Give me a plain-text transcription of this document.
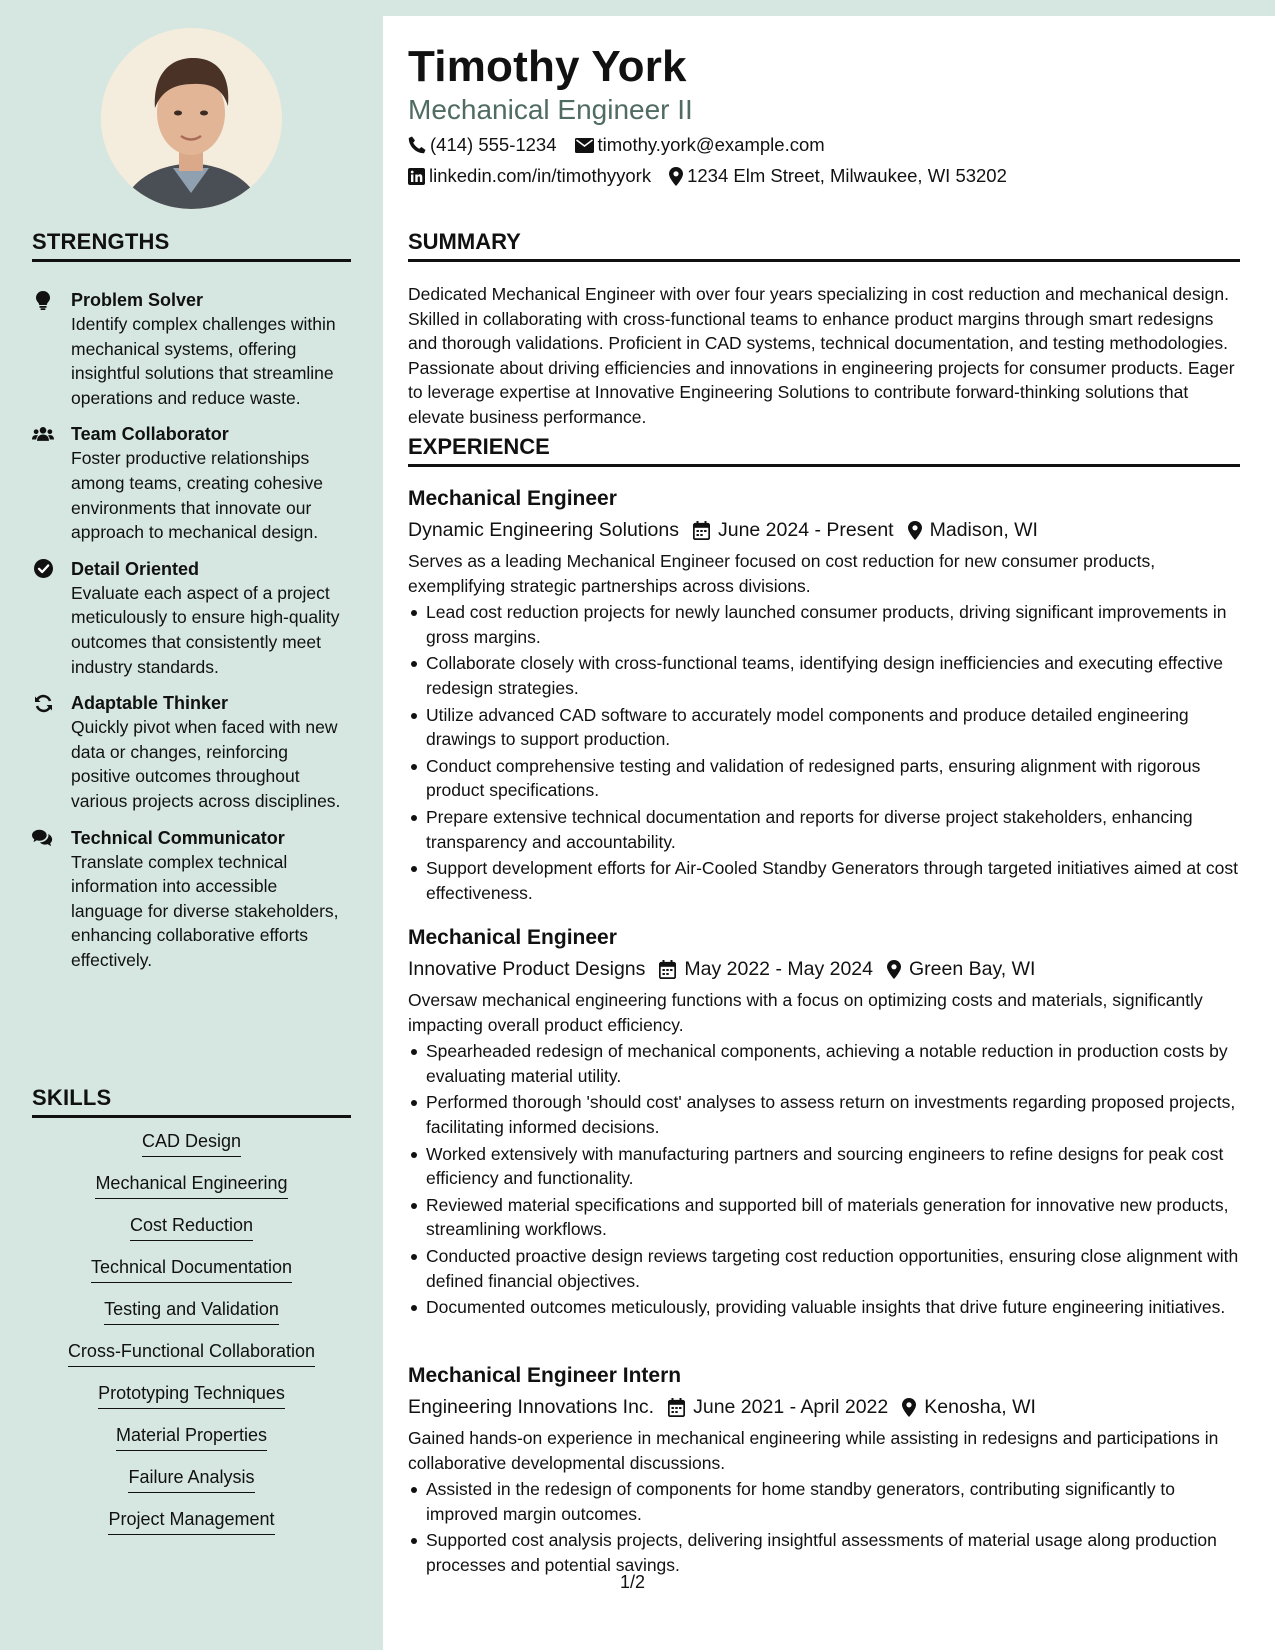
STRENGTHS
Problem Solver
Identify complex challenges within mechanical systems, offering insightful solutions that streamline operations and reduce waste.
Team Collaborator
Foster productive relationships among teams, creating cohesive environments that innovate our approach to mechanical design.
Detail Oriented
Evaluate each aspect of a project meticulously to ensure high-quality outcomes that consistently meet industry standards.
Adaptable Thinker
Quickly pivot when faced with new data or changes, reinforcing positive outcomes throughout various projects across disciplines.
Technical Communicator
Translate complex technical information into accessible language for diverse stakeholders, enhancing collaborative efforts effectively.
SKILLS
CAD Design
Mechanical Engineering
Cost Reduction
Technical Documentation
Testing and Validation
Cross-Functional Collaboration
Prototyping Techniques
Material Properties
Failure Analysis
Project Management
Timothy York
Mechanical Engineer II
(414) 555-1234 timothy.york@example.com
linkedin.com/in/timothyyork 1234 Elm Street, Milwaukee, WI 53202
SUMMARY
Dedicated Mechanical Engineer with over four years specializing in cost reduction and mechanical design. Skilled in collaborating with cross-functional teams to enhance product margins through smart redesigns and thorough validations. Proficient in CAD systems, technical documentation, and testing methodologies. Passionate about driving efficiencies and innovations in engineering projects for consumer products. Eager to leverage expertise at Innovative Engineering Solutions to contribute forward-thinking solutions that elevate business performance.
EXPERIENCE
Mechanical Engineer
Dynamic Engineering Solutions June 2024 - Present Madison, WI
Serves as a leading Mechanical Engineer focused on cost reduction for new consumer products, exemplifying strategic partnerships across divisions.
Lead cost reduction projects for newly launched consumer products, driving significant improvements in gross margins.
Collaborate closely with cross-functional teams, identifying design inefficiencies and executing effective redesign strategies.
Utilize advanced CAD software to accurately model components and produce detailed engineering drawings to support production.
Conduct comprehensive testing and validation of redesigned parts, ensuring alignment with rigorous product specifications.
Prepare extensive technical documentation and reports for diverse project stakeholders, enhancing transparency and accountability.
Support development efforts for Air-Cooled Standby Generators through targeted initiatives aimed at cost effectiveness.
Mechanical Engineer
Innovative Product Designs May 2022 - May 2024 Green Bay, WI
Oversaw mechanical engineering functions with a focus on optimizing costs and materials, significantly impacting overall product efficiency.
Spearheaded redesign of mechanical components, achieving a notable reduction in production costs by evaluating material utility.
Performed thorough 'should cost' analyses to assess return on investments regarding proposed projects, facilitating informed decisions.
Worked extensively with manufacturing partners and sourcing engineers to refine designs for peak cost efficiency and functionality.
Reviewed material specifications and supported bill of materials generation for innovative new products, streamlining workflows.
Conducted proactive design reviews targeting cost reduction opportunities, ensuring close alignment with defined financial objectives.
Documented outcomes meticulously, providing valuable insights that drive future engineering initiatives.
Mechanical Engineer Intern
Engineering Innovations Inc. June 2021 - April 2022 Kenosha, WI
Gained hands-on experience in mechanical engineering while assisting in redesigns and participations in collaborative developmental discussions.
Assisted in the redesign of components for home standby generators, contributing significantly to improved margin outcomes.
Supported cost analysis projects, delivering insightful assessments of material usage along production processes and potential savings.
1/2
